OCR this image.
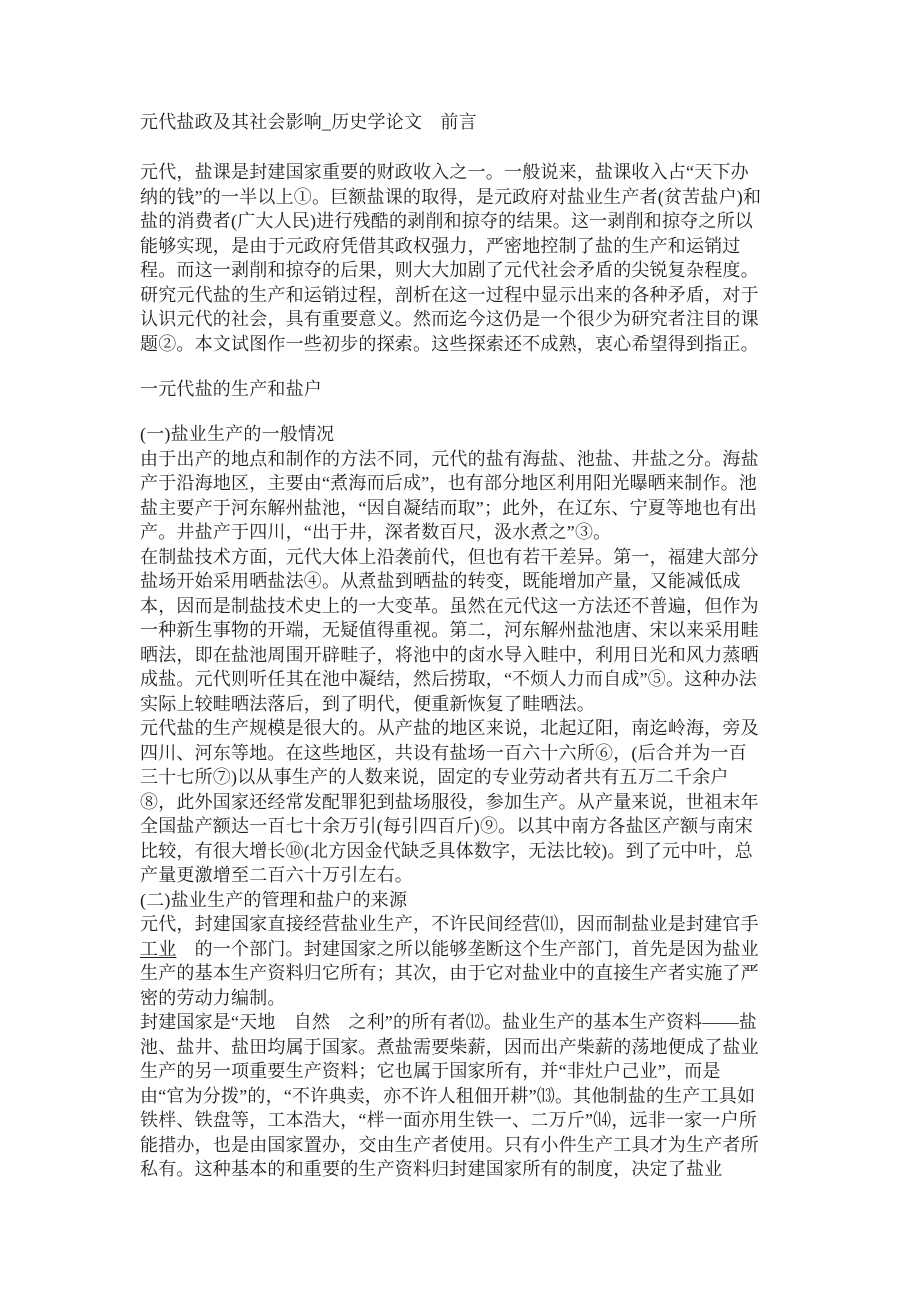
元代盐政及其社会影响_历史学论文　前言

元代，盐课是封建国家重要的财政收入之一。一般说来，盐课收入占“天下办纳的钱”的一半以上①。巨额盐课的取得，是元政府对盐业生产者(贫苦盐户)和盐的消费者(广大人民)进行残酷的剥削和掠夺的结果。这一剥削和掠夺之所以能够实现，是由于元政府凭借其政权强力，严密地控制了盐的生产和运销过程。而这一剥削和掠夺的后果，则大大加剧了元代社会矛盾的尖锐复杂程度。研究元代盐的生产和运销过程，剖析在这一过程中显示出来的各种矛盾，对于认识元代的社会，具有重要意义。然而迄今这仍是一个很少为研究者注目的课题②。本文试图作一些初步的探索。这些探索还不成熟，衷心希望得到指正。

一元代盐的生产和盐户
(一)盐业生产的一般情况

由于出产的地点和制作的方法不同，元代的盐有海盐、池盐、井盐之分。海盐产于沿海地区，主要由“煮海而后成”，也有部分地区利用阳光曝晒来制作。池盐主要产于河东解州盐池，“因自凝结而取”；此外，在辽东、宁夏等地也有出产。井盐产于四川，“出于井，深者数百尺，汲水煮之”③。

在制盐技术方面，元代大体上沿袭前代，但也有若干差异。第一，福建大部分盐场开始采用晒盐法④。从煮盐到晒盐的转变，既能增加产量，又能减低成本，因而是制盐技术史上的一大变革。虽然在元代这一方法还不普遍，但作为一种新生事物的开端，无疑值得重视。第二，河东解州盐池唐、宋以来采用畦晒法，即在盐池周围开辟畦子，将池中的卤水导入畦中，利用日光和风力蒸晒成盐。元代则听任其在池中凝结，然后捞取，“不烦人力而自成”⑤。这种办法实际上较畦晒法落后，到了明代，便重新恢复了畦晒法。

元代盐的生产规模是很大的。从产盐的地区来说，北起辽阳，南迄岭海，旁及四川、河东等地。在这些地区，共设有盐场一百六十六所⑥，(后合并为一百三十七所⑦)以从事生产的人数来说，固定的专业劳动者共有五万二千余户⑧，此外国家还经常发配罪犯到盐场服役，参加生产。从产量来说，世祖末年全国盐产额达一百七十余万引(每引四百斤)⑨。以其中南方各盐区产额与南宋比较，有很大增长⑩(北方因金代缺乏具体数字，无法比较)。到了元中叶，总产量更激增至二百六十万引左右。

(二)盐业生产的管理和盐户的来源

元代，封建国家直接经营盐业生产，不许民间经营⑾，因而制盐业是封建官手工业　的一个部门。封建国家之所以能够垄断这个生产部门，首先是因为盐业生产的基本生产资料归它所有；其次，由于它对盐业中的直接生产者实施了严密的劳动力编制。

封建国家是“天地　自然　之利”的所有者⑿。盐业生产的基本生产资料——盐池、盐井、盐田均属于国家。煮盐需要柴薪，因而出产柴薪的荡地便成了盐业生产的另一项重要生产资料；它也属于国家所有，并“非灶户己业”，而是由“官为分拨”的，“不许典卖，亦不许人租佃开耕”⒀。其他制盐的生产工具如铁柈、铁盘等，工本浩大，“柈一面亦用生铁一、二万斤”⒁，远非一家一户所能措办，也是由国家置办，交由生产者使用。只有小件生产工具才为生产者所私有。这种基本的和重要的生产资料归封建国家所有的制度，决定了盐业
